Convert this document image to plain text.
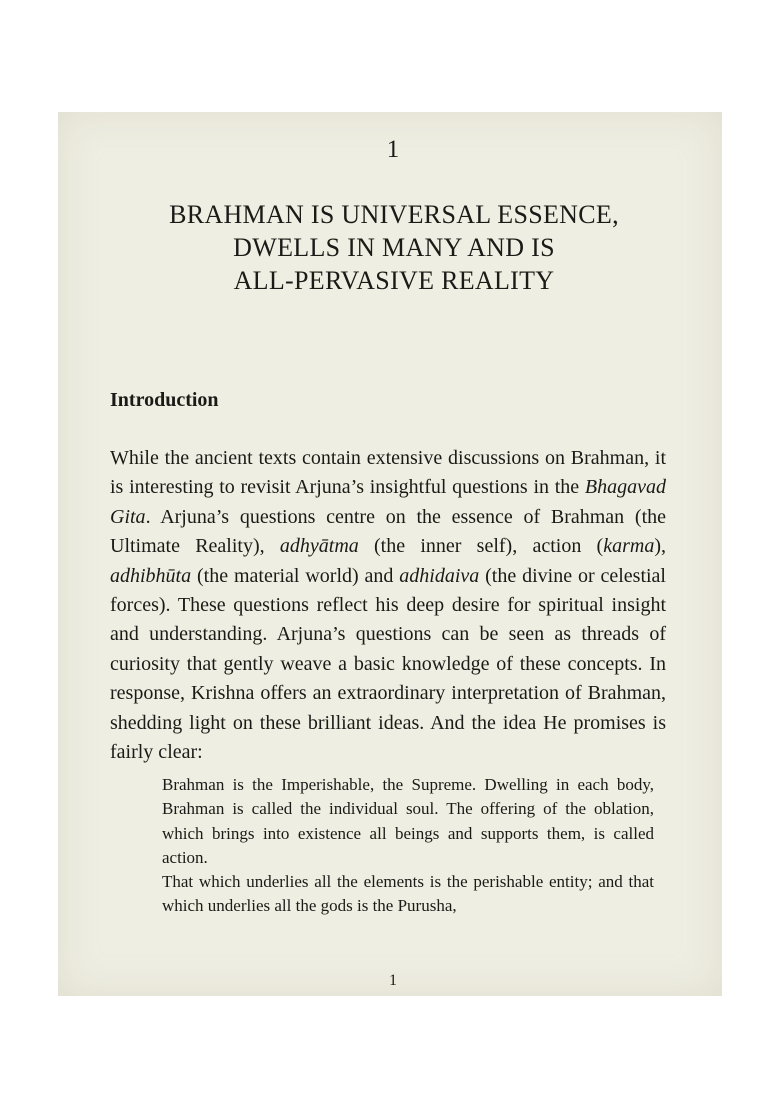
1
BRAHMAN IS UNIVERSAL ESSENCE,
DWELLS IN MANY AND IS
ALL-PERVASIVE REALITY
Introduction
While the ancient texts contain extensive discussions on Brahman, it is interesting to revisit Arjuna’s insightful questions in the Bhagavad Gita. Arjuna’s questions centre on the essence of Brahman (the Ultimate Reality), adhyātma (the inner self), action (karma), adhibhūta (the material world) and adhidaiva (the divine or celestial forces). These questions reflect his deep desire for spiritual insight and understanding. Arjuna’s questions can be seen as threads of curiosity that gently weave a basic knowledge of these concepts. In response, Krishna offers an extraordinary interpretation of Brahman, shedding light on these brilliant ideas. And the idea He promises is fairly clear:
Brahman is the Imperishable, the Supreme. Dwelling in each body, Brahman is called the individual soul. The offering of the oblation, which brings into existence all beings and supports them, is called action.
That which underlies all the elements is the perishable entity; and that which underlies all the gods is the Purusha,
1
